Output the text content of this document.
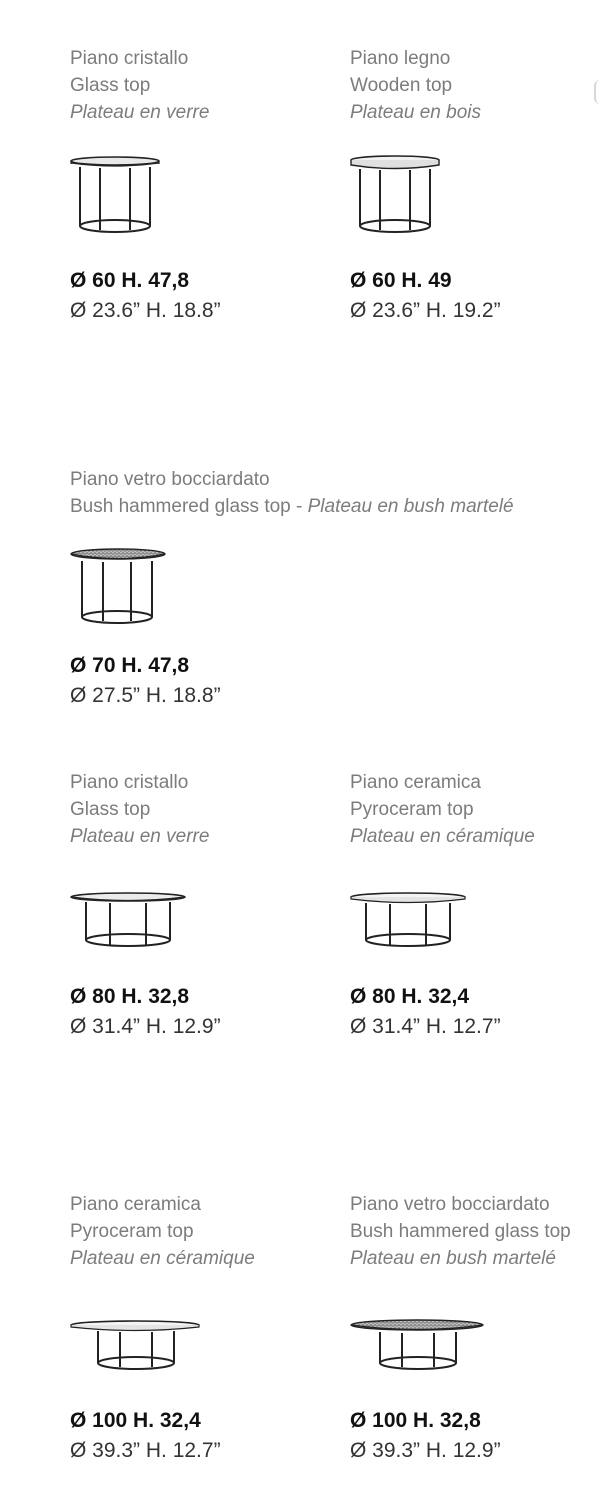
Piano cristallo
Glass top
Plateau en verre
Ø 60 H. 47,8
Ø 23.6” H. 18.8”
Piano legno
Wooden top
Plateau en bois
Ø 60 H. 49
Ø 23.6” H. 19.2”
Piano vetro bocciardato
Bush hammered glass top - Plateau en bush martelé
Ø 70 H. 47,8
Ø 27.5” H. 18.8”
Piano cristallo
Glass top
Plateau en verre
Ø 80 H. 32,8
Ø 31.4” H. 12.9”
Piano ceramica
Pyroceram top
Plateau en céramique
Ø 80 H. 32,4
Ø 31.4” H. 12.7”
Piano ceramica
Pyroceram top
Plateau en céramique
Ø 100 H. 32,4
Ø 39.3” H. 12.7”
Piano vetro bocciardato
Bush hammered glass top
Plateau en bush martelé
Ø 100 H. 32,8
Ø 39.3” H. 12.9”
